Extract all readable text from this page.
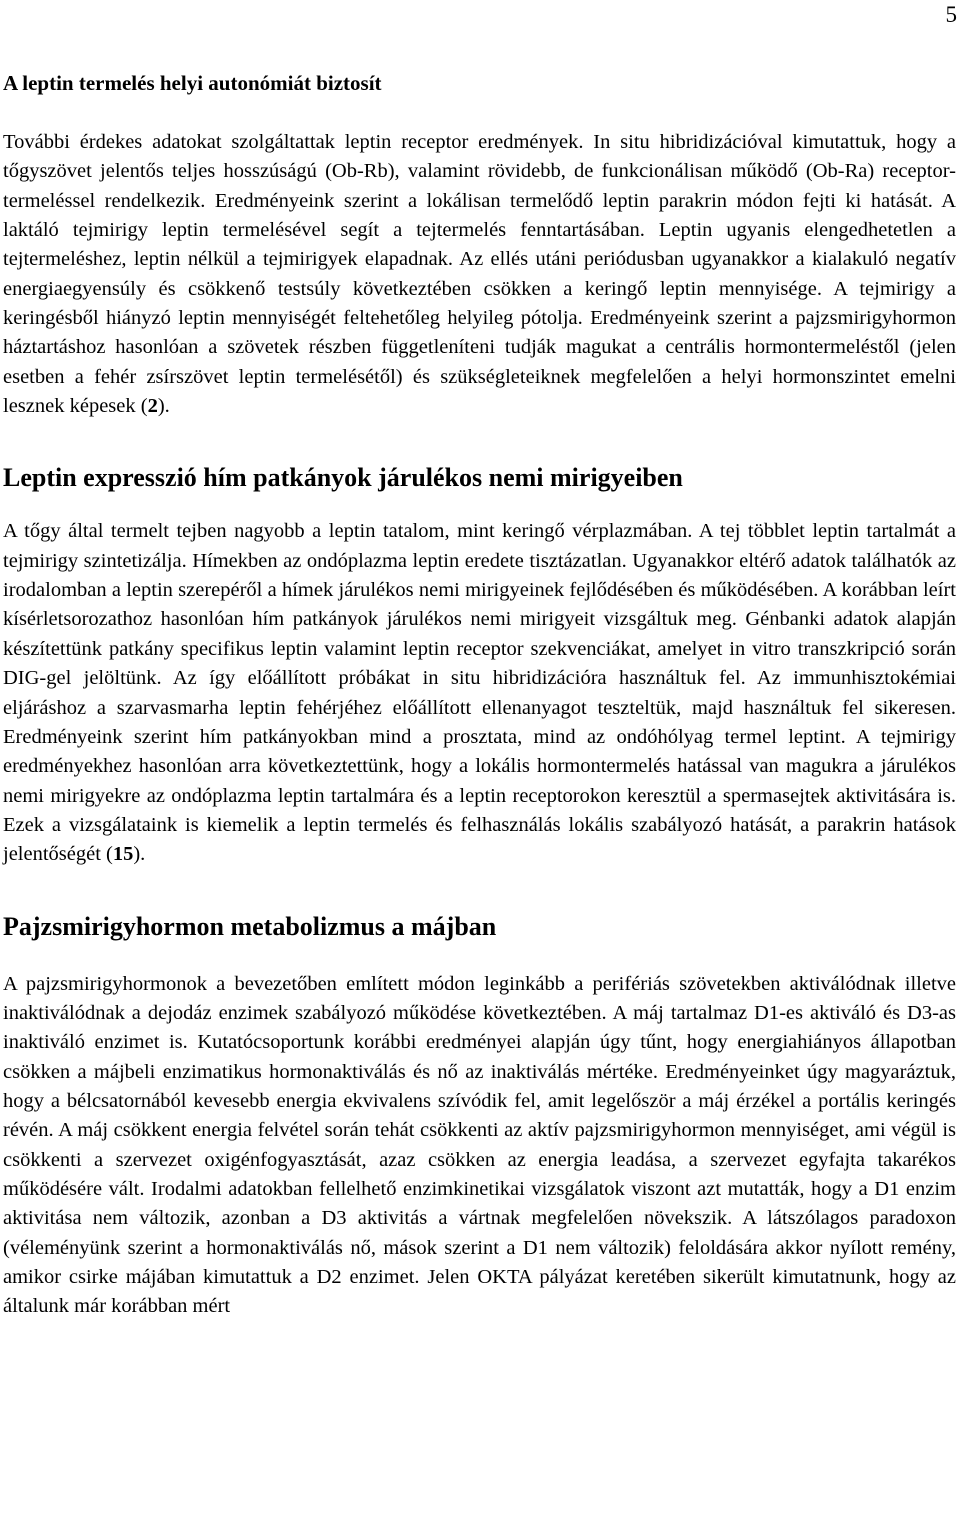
5
A leptin termelés helyi autonómiát biztosít

További érdekes adatokat szolgáltattak leptin receptor eredmények. In situ hibridizációval kimutattuk, hogy a tőgyszövet jelentős teljes hosszúságú (Ob-Rb), valamint rövidebb, de funkcionálisan működő (Ob-Ra) receptor-termeléssel rendelkezik. Eredményeink szerint a lokálisan termelődő leptin parakrin módon fejti ki hatását. A laktáló tejmirigy leptin termelésével segít a tejtermelés fenntartásában. Leptin ugyanis elengedhetetlen a tejtermeléshez, leptin nélkül a tejmirigyek elapadnak. Az ellés utáni periódusban ugyanakkor a kialakuló negatív energiaegyensúly és csökkenő testsúly következtében csökken a keringő leptin mennyisége. A tejmirigy a keringésből hiányzó leptin mennyiségét feltehetőleg helyileg pótolja. Eredményeink szerint a pajzsmirigyhormon háztartáshoz hasonlóan a szövetek részben függetleníteni tudják magukat a centrális hormontermeléstől (jelen esetben a fehér zsírszövet leptin termelésétől) és szükségleteiknek megfelelően a helyi hormonszintet emelni lesznek képesek (2).

Leptin expresszió hím patkányok járulékos nemi mirigyeiben

A tőgy által termelt tejben nagyobb a leptin tatalom, mint keringő vérplazmában. A tej többlet leptin tartalmát a tejmirigy szintetizálja. Hímekben az ondóplazma leptin eredete tisztázatlan. Ugyanakkor eltérő adatok találhatók az irodalomban a leptin szerepéről a hímek járulékos nemi mirigyeinek fejlődésében és működésében. A korábban leírt kísérletsorozathoz hasonlóan hím patkányok járulékos nemi mirigyeit vizsgáltuk meg. Génbanki adatok alapján készítettünk patkány specifikus leptin valamint leptin receptor szekvenciákat, amelyet in vitro transzkripció során DIG-gel jelöltünk. Az így előállított próbákat in situ hibridizációra használtuk fel. Az immunhisztokémiai eljáráshoz a szarvasmarha leptin fehérjéhez előállított ellenanyagot teszteltük, majd használtuk fel sikeresen. Eredményeink szerint hím patkányokban mind a prosztata, mind az ondóhólyag termel leptint. A tejmirigy eredményekhez hasonlóan arra következtettünk, hogy a lokális hormontermelés hatással van magukra a járulékos nemi mirigyekre az ondóplazma leptin tartalmára és a leptin receptorokon keresztül a spermasejtek aktivitására is. Ezek a vizsgálataink is kiemelik a leptin termelés és felhasználás lokális szabályozó hatását, a parakrin hatások jelentőségét (15).

Pajzsmirigyhormon metabolizmus a májban

A pajzsmirigyhormonok a bevezetőben említett módon leginkább a perifériás szövetekben aktiválódnak illetve inaktiválódnak a dejodáz enzimek szabályozó működése következtében. A máj tartalmaz D1-es aktiváló és D3-as inaktiváló enzimet is. Kutatócsoportunk korábbi eredményei alapján úgy tűnt, hogy energiahiányos állapotban csökken a májbeli enzimatikus hormonaktiválás és nő az inaktiválás mértéke. Eredményeinket úgy magyaráztuk, hogy a bélcsatornából kevesebb energia ekvivalens szívódik fel, amit legelőször a máj érzékel a portális keringés révén. A máj csökkent energia felvétel során tehát csökkenti az aktív pajzsmirigyhormon mennyiséget, ami végül is csökkenti a szervezet oxigénfogyasztását, azaz csökken az energia leadása, a szervezet egyfajta takarékos működésére vált. Irodalmi adatokban fellelhető enzimkinetikai vizsgálatok viszont azt mutatták, hogy a D1 enzim aktivitása nem változik, azonban a D3 aktivitás a vártnak megfelelően növekszik. A látszólagos paradoxon (véleményünk szerint a hormonaktiválás nő, mások szerint a D1 nem változik) feloldására akkor nyílott remény, amikor csirke májában kimutattuk a D2 enzimet. Jelen OKTA pályázat keretében sikerült kimutatnunk, hogy az általunk már korábban mért
